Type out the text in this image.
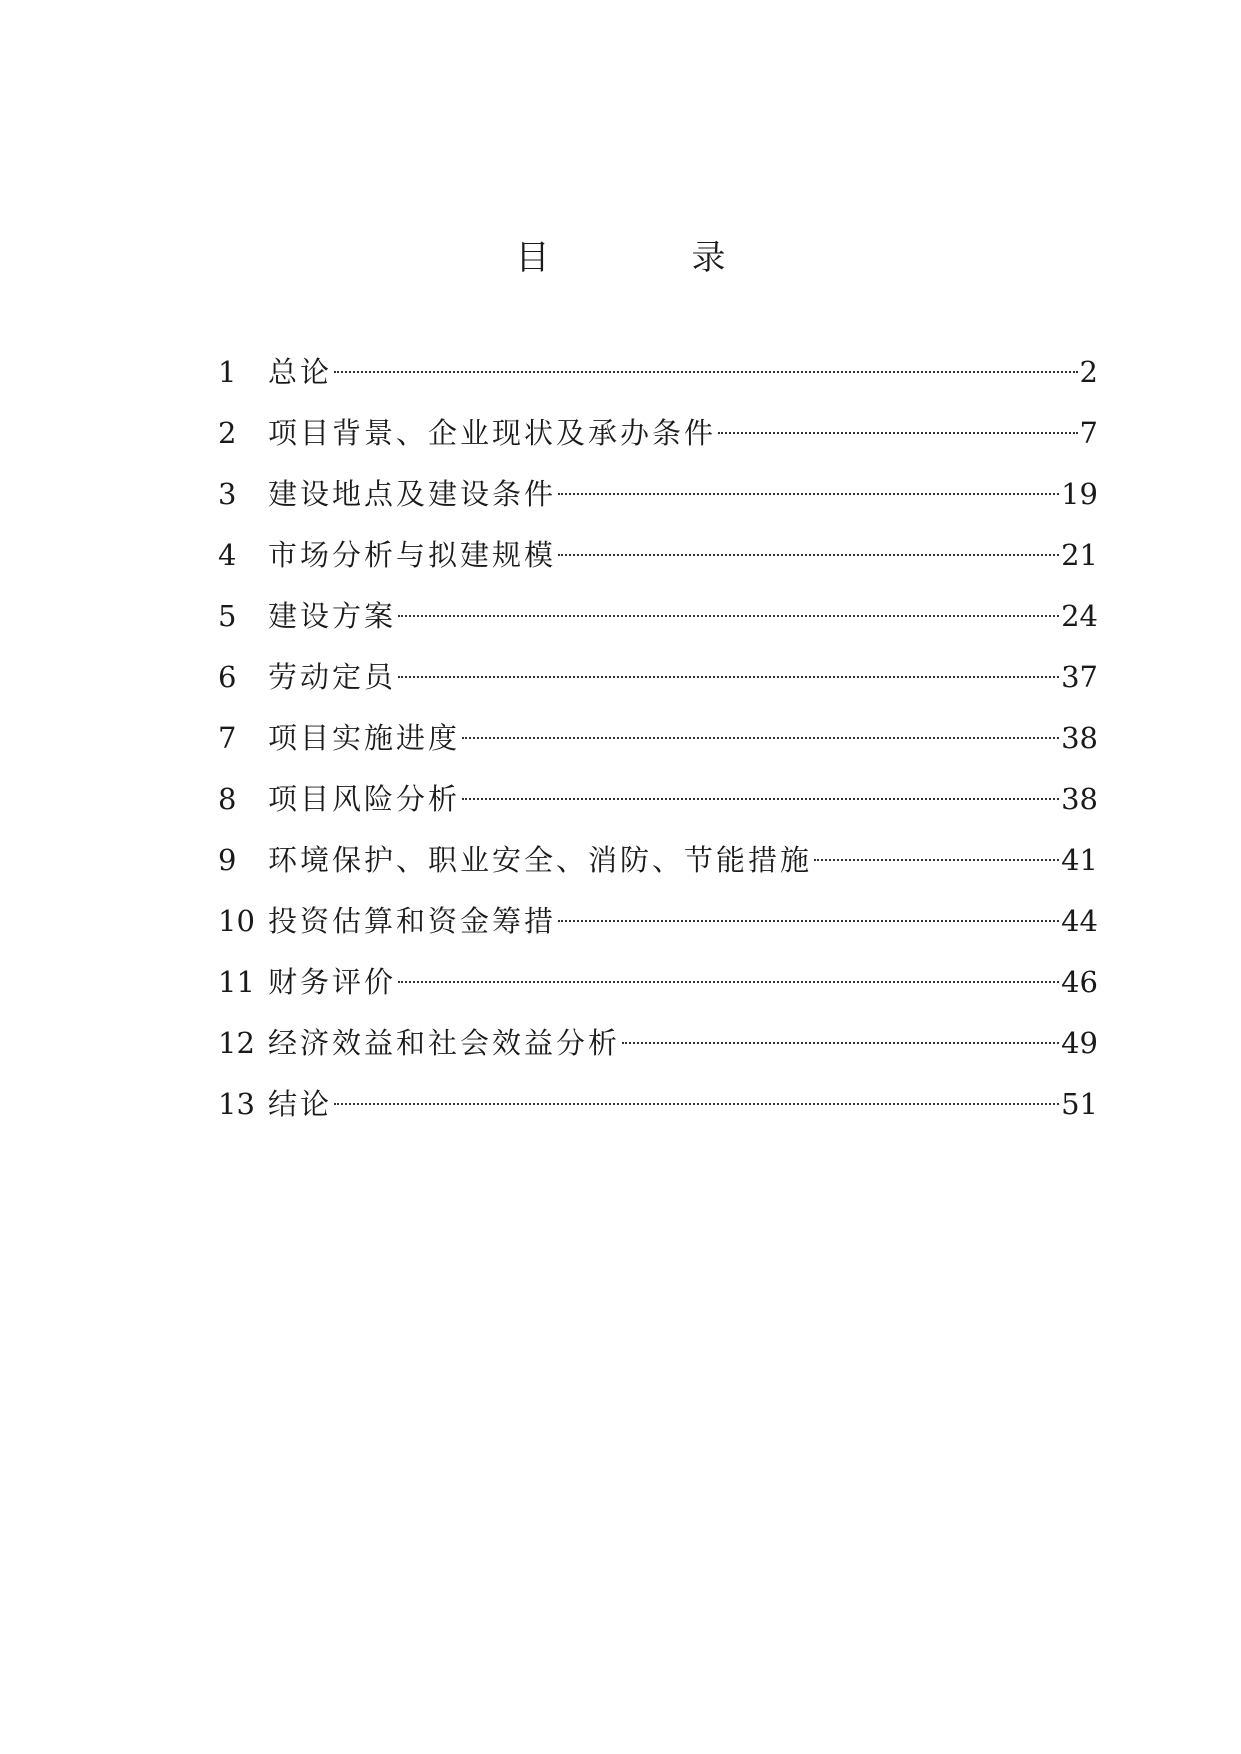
目　录
1	总论	2
2	项目背景、企业现状及承办条件	7
3	建设地点及建设条件	19
4	市场分析与拟建规模	21
5	建设方案	24
6	劳动定员	37
7	项目实施进度	38
8	项目风险分析	38
9	环境保护、职业安全、消防、节能措施	41
10 投资估算和资金筹措	44
11 财务评价	46
12 经济效益和社会效益分析	49
13 结论	51
